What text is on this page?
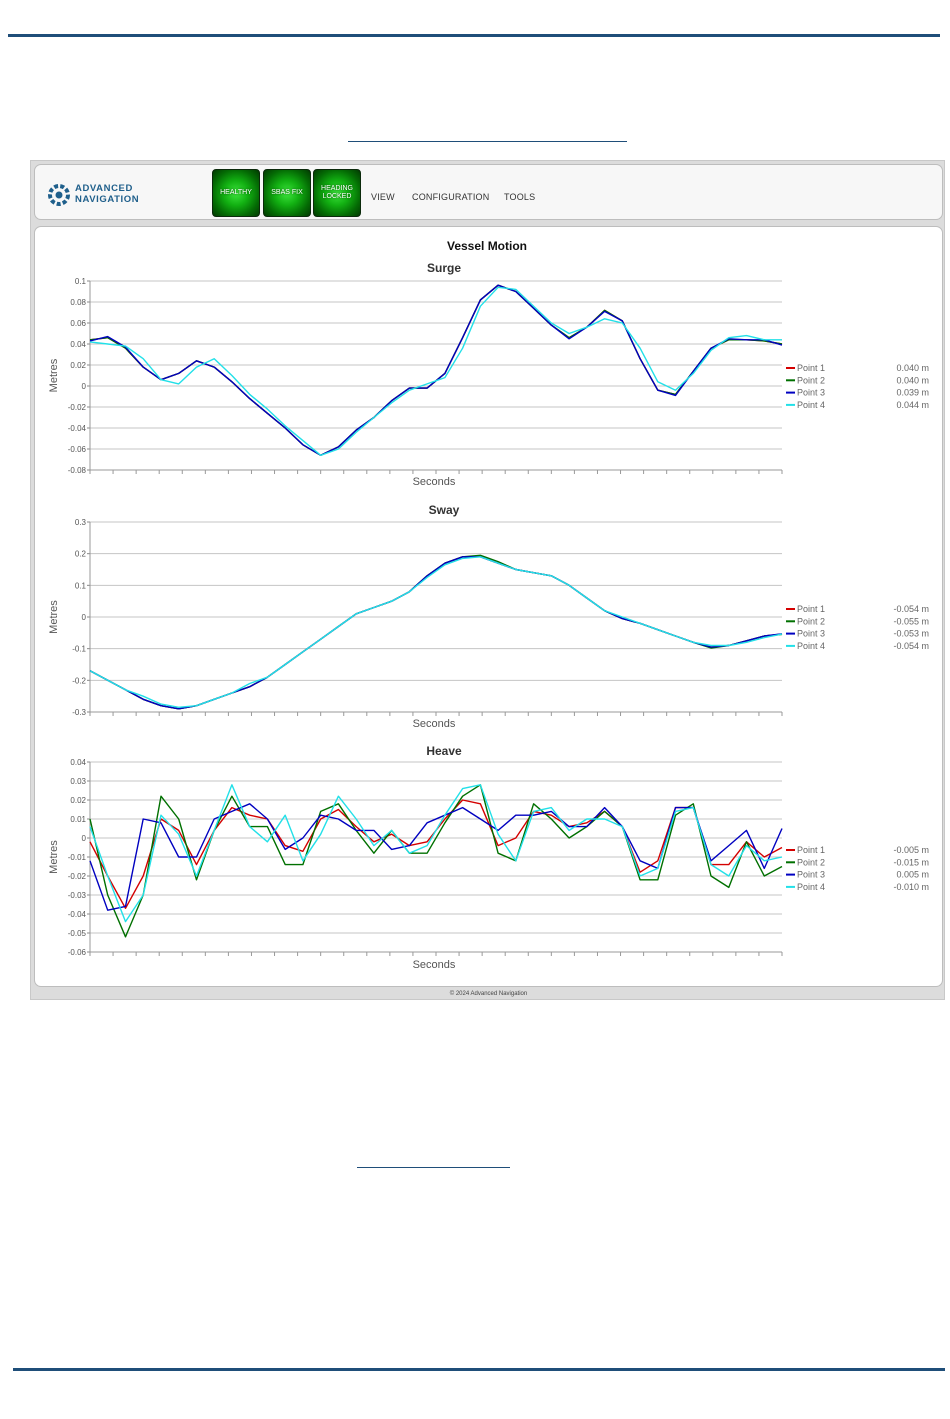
ADVANCED
NAVIGATION
HEALTHY	SBAS FIX
HEADING
LOCKED	VIEW CONFIGURATION TOOLS
© 2024 Advanced Navigation
Vessel Motion
Surge
0.1
0.08
0.06
0.04
0.02
0
-0.02
-0.04
-0.06
-0.08
Seconds
Metres	Point 1	0.040 m
Point 2	0.040 m
Point 3	0.039 m
Point 4	0.044 m
Sway
0.3
0.2
0.1
0
-0.1
-0.2
-0.3
Seconds
Metres	Point 1	-0.054 m
Point 2	-0.055 m
Point 3	-0.053 m
Point 4	-0.054 m
Heave
0.04
0.03
0.02
0.01
0
-0.01
-0.02
-0.03
-0.04
-0.05
-0.06
Seconds
Metres	Point 1	-0.005 m
Point 2	-0.015 m
Point 3	0.005 m
Point 4	-0.010 m
